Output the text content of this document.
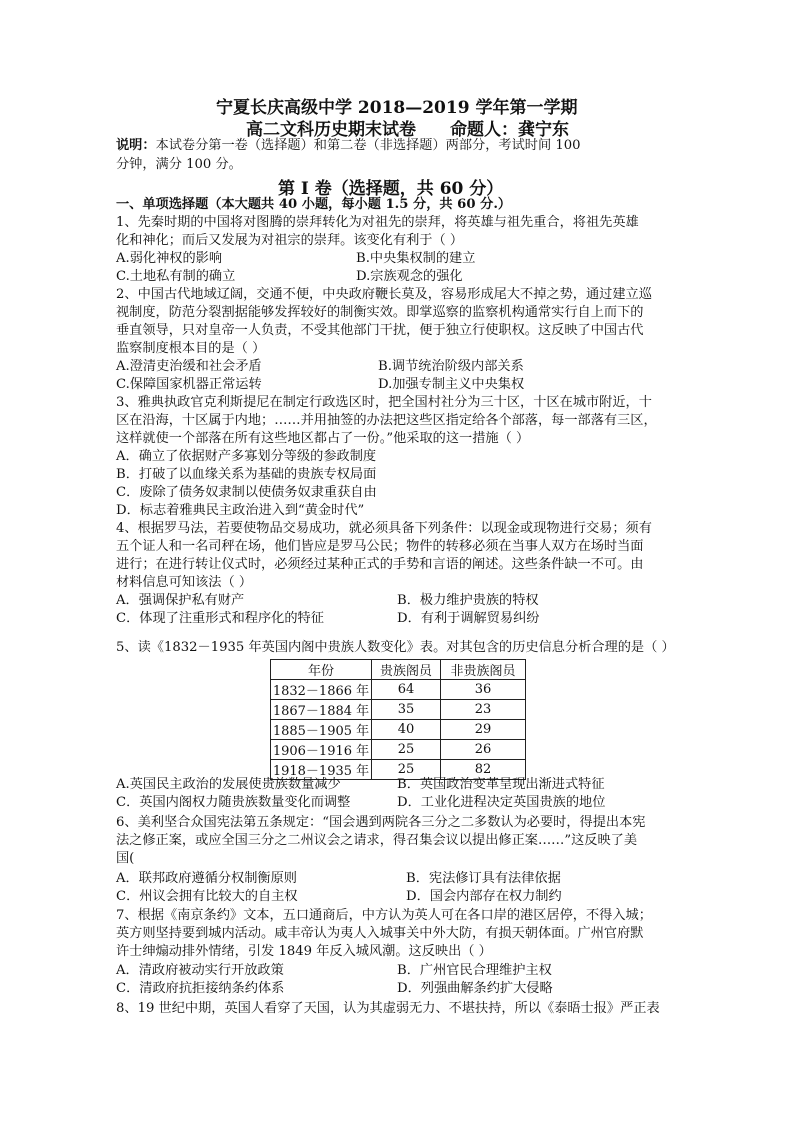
宁夏长庆高级中学 2018—2019 学年第一学期
高二文科历史期末试卷 命题人：龚宁东
说明：本试卷分第一卷（选择题）和第二卷（非选择题）两部分，考试时间 100
分钟，满分 100 分。
第 Ⅰ 卷（选择题，共 60 分）
一、单项选择题（本大题共 40 小题，每小题 1.5 分，共 60 分.）
1、先秦时期的中国将对图腾的崇拜转化为对祖先的崇拜，将英雄与祖先重合，将祖先英雄
化和神化；而后又发展为对祖宗的崇拜。该变化有利于（ ）
A.弱化神权的影响	B.中央集权制的建立
C.土地私有制的确立	D.宗族观念的强化
2、中国古代地域辽阔，交通不便，中央政府鞭长莫及，容易形成尾大不掉之势，通过建立巡
视制度，防范分裂割据能够发挥较好的制衡实效。即掌巡察的监察机构通常实行自上而下的
垂直领导，只对皇帝一人负责，不受其他部门干扰，便于独立行使职权。这反映了中国古代
监察制度根本目的是（ ）
A.澄清吏治缓和社会矛盾	B.调节统治阶级内部关系
C.保障国家机器正常运转	D.加强专制主义中央集权
3、雅典执政官克利斯提尼在制定行政选区时，把全国村社分为三十区，十区在城市附近，十
区在沿海，十区属于内地；……并用抽签的办法把这些区指定给各个部落，每一部落有三区，
这样就使一个部落在所有这些地区都占了一份。”他采取的这一措施（ ）
A．确立了依据财产多寡划分等级的参政制度
B．打破了以血缘关系为基础的贵族专权局面
C．废除了债务奴隶制以使债务奴隶重获自由
D．标志着雅典民主政治进入到“黄金时代”
4、根据罗马法，若要使物品交易成功，就必须具备下列条件：以现金或现物进行交易；须有
五个证人和一名司秤在场，他们皆应是罗马公民；物件的转移必须在当事人双方在场时当面
进行；在进行转让仪式时，必须经过某种正式的手势和言语的阐述。这些条件缺一不可。由
材料信息可知该法（ ）
A．强调保护私有财产	B．极力维护贵族的特权
C．体现了注重形式和程序化的特征	D．有利于调解贸易纠纷
5、读《1832－1935 年英国内阁中贵族人数变化》表。对其包含的历史信息分析合理的是（ ）
年份	贵族阁员	非贵族阁员
1832－1866 年	64	36
1867－1884 年	35	23
1885－1905 年	40	29
1906－1916 年	25	26
1918－1935 年	25	82
A.英国民主政治的发展使贵族数量减少	B．英国政治变革呈现出渐进式特征
C．英国内阁权力随贵族数量变化而调整	D．工业化进程决定英国贵族的地位
6、美利坚合众国宪法第五条规定：“国会遇到两院各三分之二多数认为必要时，得提出本宪
法之修正案，或应全国三分之二州议会之请求，得召集会议以提出修正案……”这反映了美
国(
A．联邦政府遵循分权制衡原则	B．宪法修订具有法律依据
C．州议会拥有比较大的自主权	D．国会内部存在权力制约
7、根据《南京条约》文本，五口通商后，中方认为英人可在各口岸的港区居停，不得入城；
英方则坚持要到城内活动。咸丰帝认为夷人入城事关中外大防，有损天朝体面。广州官府默
许士绅煽动排外情绪，引发 1849 年反入城风潮。这反映出（ ）
A．清政府被动实行开放政策	B．广州官民合理维护主权
C．清政府抗拒接纳条约体系	D．列强曲解条约扩大侵略
8、19 世纪中期，英国人看穿了天国，认为其虚弱无力、不堪扶持，所以《泰晤士报》严正表
